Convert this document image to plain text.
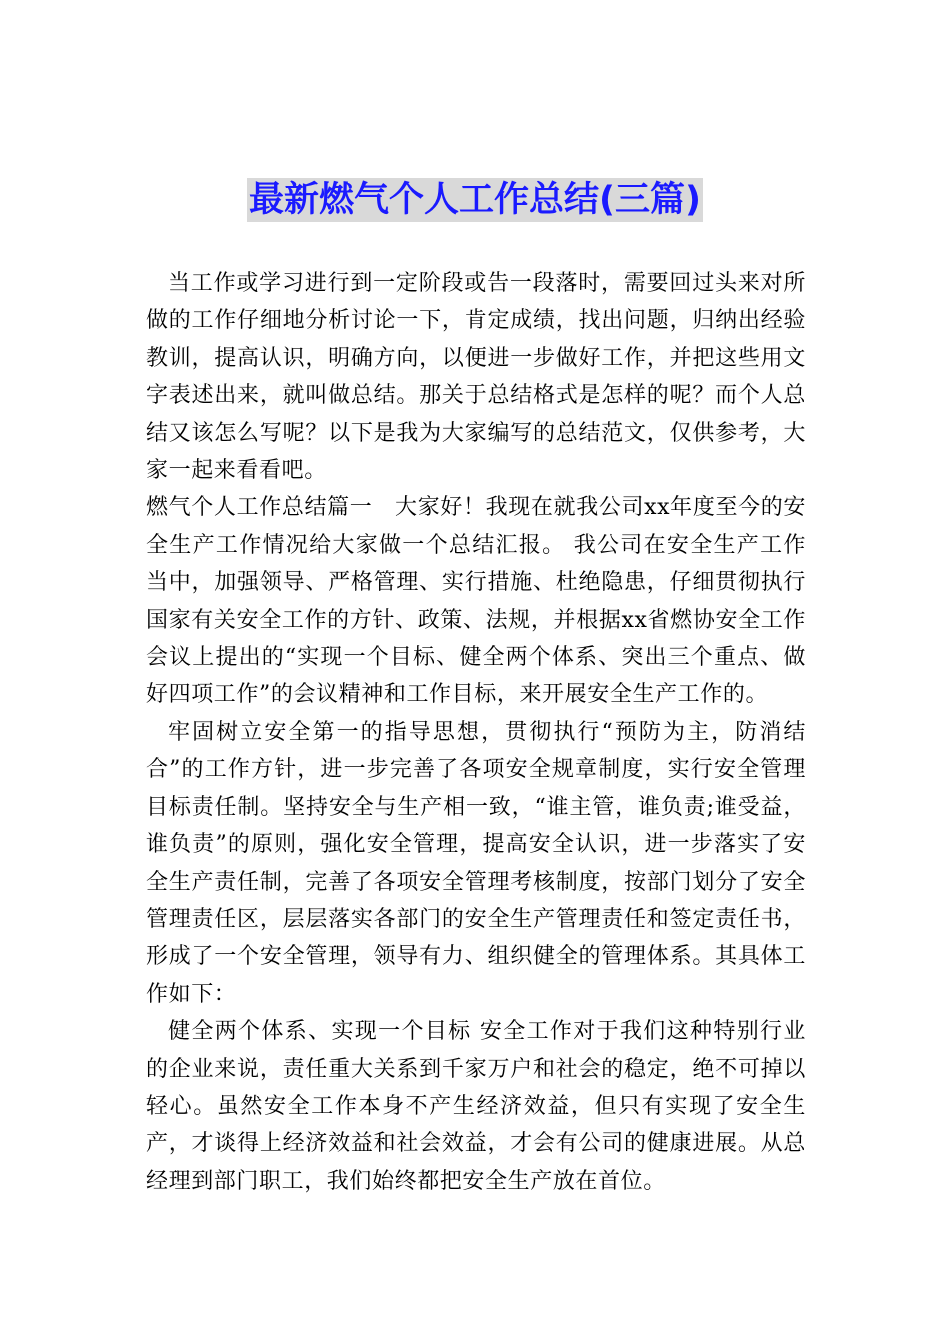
最新燃气个人工作总结(三篇)

当工作或学习进行到一定阶段或告一段落时，需要回过头来对所做的工作仔细地分析讨论一下，肯定成绩，找出问题，归纳出经验教训，提高认识，明确方向，以便进一步做好工作，并把这些用文字表述出来，就叫做总结。那关于总结格式是怎样的呢？而个人总结又该怎么写呢？以下是我为大家编写的总结范文，仅供参考，大家一起来看看吧。

燃气个人工作总结篇一　大家好！我现在就我公司xx年度至今的安全生产工作情况给大家做一个总结汇报。 我公司在安全生产工作当中，加强领导、严格管理、实行措施、杜绝隐患，仔细贯彻执行国家有关安全工作的方针、政策、法规，并根据xx省燃协安全工作会议上提出的“实现一个目标、健全两个体系、突出三个重点、做好四项工作”的会议精神和工作目标，来开展安全生产工作的。

牢固树立安全第一的指导思想，贯彻执行“预防为主，防消结合”的工作方针，进一步完善了各项安全规章制度，实行安全管理目标责任制。坚持安全与生产相一致，“谁主管，谁负责;谁受益，谁负责”的原则，强化安全管理，提高安全认识，进一步落实了安全生产责任制，完善了各项安全管理考核制度，按部门划分了安全管理责任区，层层落实各部门的安全生产管理责任和签定责任书，形成了一个安全管理，领导有力、组织健全的管理体系。其具体工作如下：

健全两个体系、实现一个目标 安全工作对于我们这种特别行业的企业来说，责任重大关系到千家万户和社会的稳定，绝不可掉以轻心。虽然安全工作本身不产生经济效益，但只有实现了安全生产，才谈得上经济效益和社会效益，才会有公司的健康进展。从总经理到部门职工，我们始终都把安全生产放在首位。
